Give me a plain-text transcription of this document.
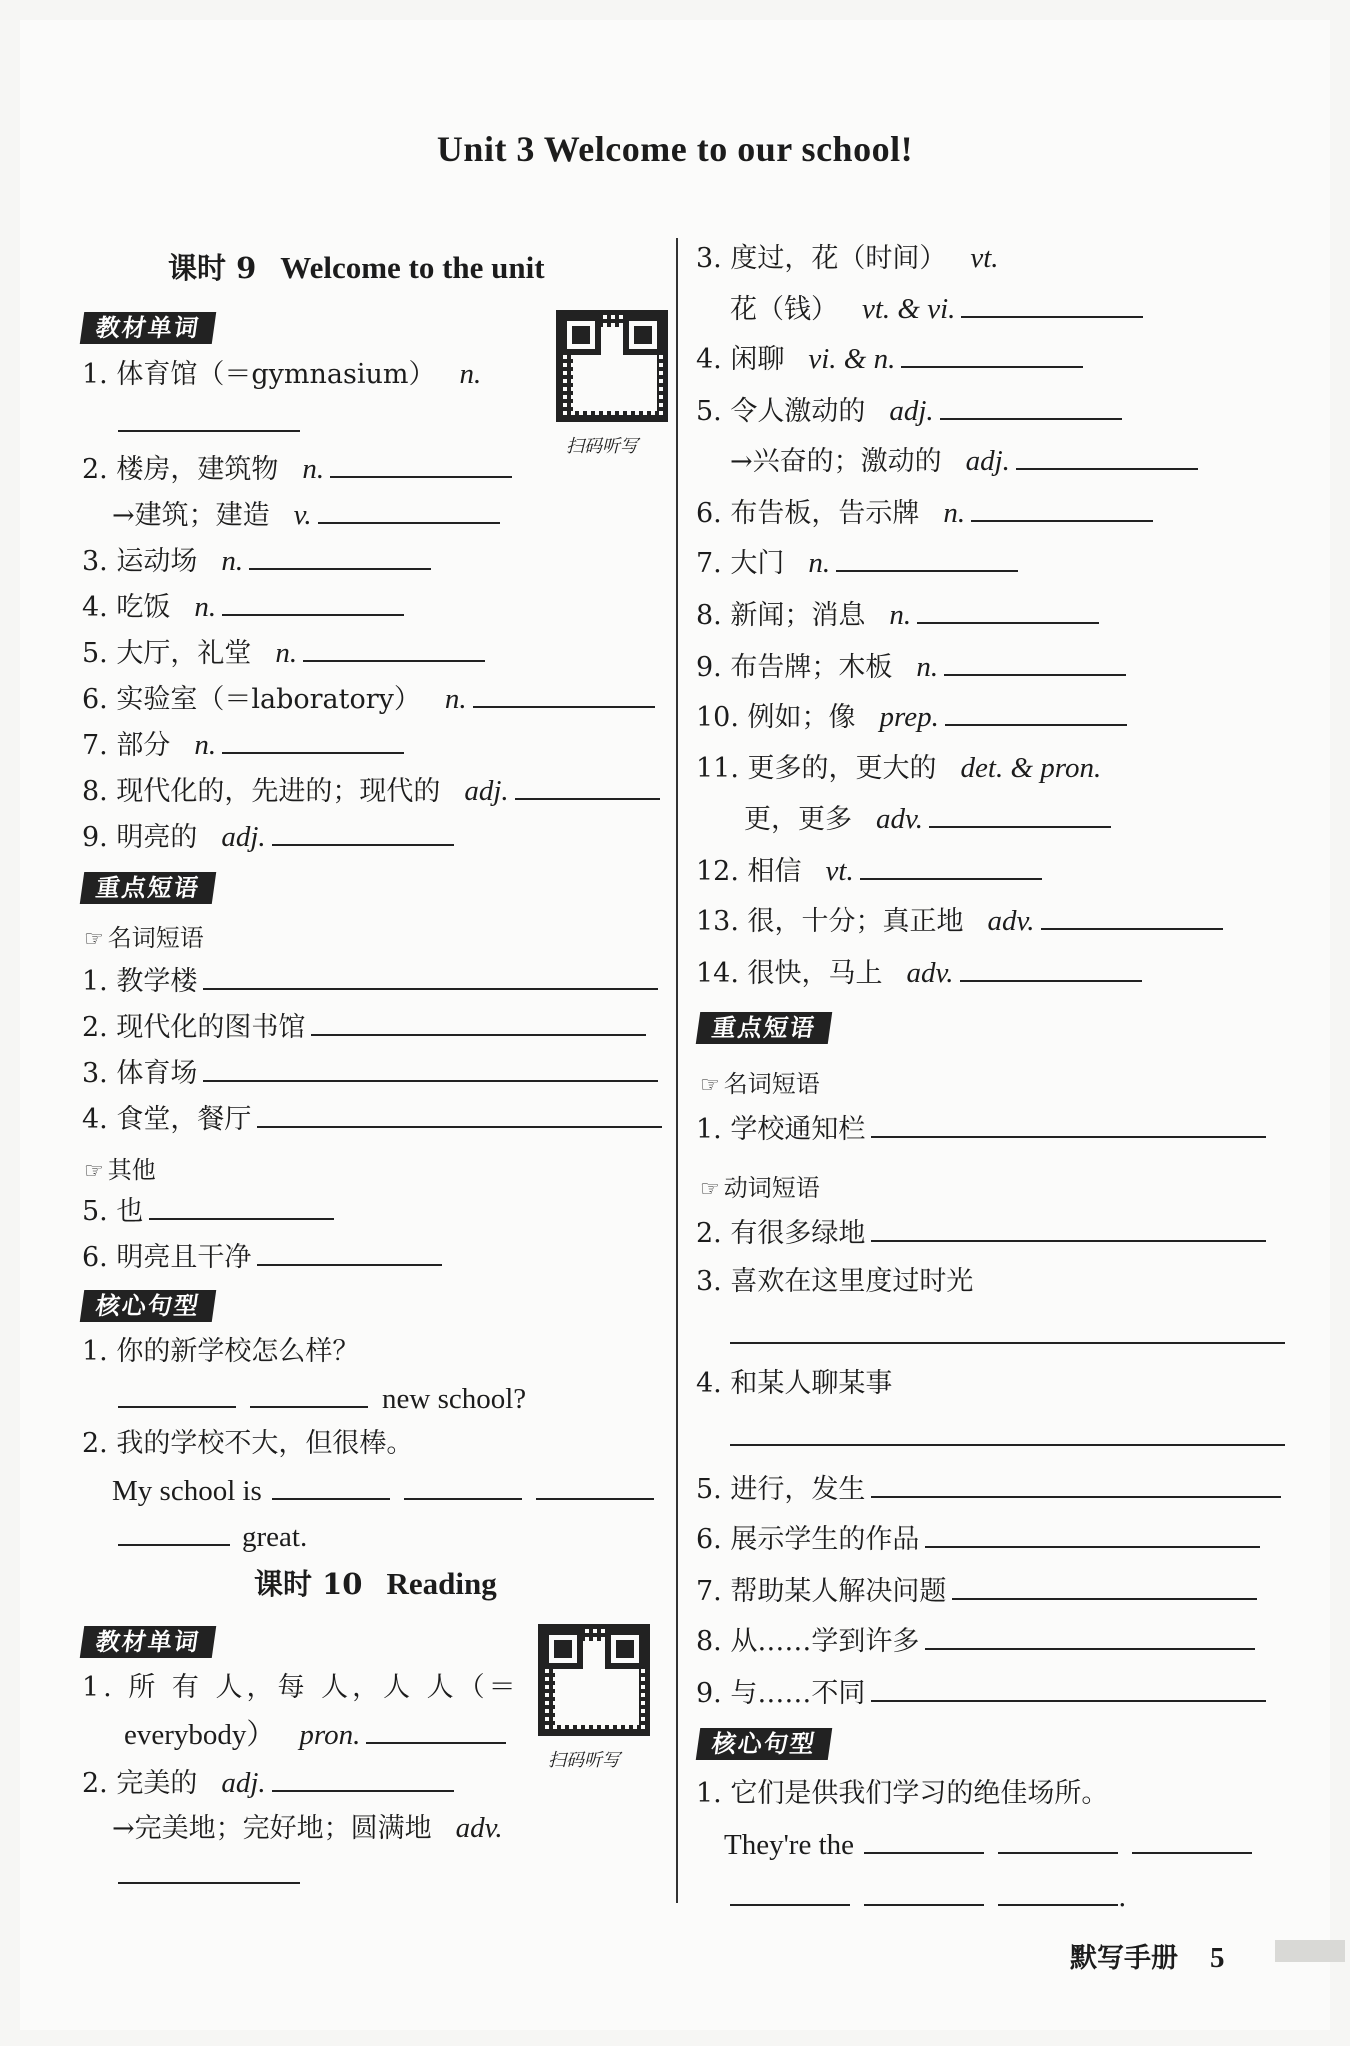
Unit 3 Welcome to our school!
课时 9 Welcome to the unit
扫码听写
教材单词
1. 体育馆（＝gymnasium） n.
2. 楼房，建筑物 n.
→建筑；建造 v.
3. 运动场 n.
4. 吃饭 n.
5. 大厅，礼堂 n.
6. 实验室（＝laboratory） n.
7. 部分 n.
8. 现代化的，先进的；现代的 adj.
9. 明亮的 adj.
重点短语
☞ 名词短语
1. 教学楼
2. 现代化的图书馆
3. 体育场
4. 食堂，餐厅
☞ 其他
5. 也
6. 明亮且干净
核心句型
1. 你的新学校怎么样？
new school?
2. 我的学校不大，但很棒。
My school is
great.
课时 10 Reading
扫码听写
教材单词
1. 所 有 人，每 人，人 人（＝
everybody） pron.
2. 完美的 adj.
→完美地；完好地；圆满地 adv.
3. 度过，花（时间） vt.
花（钱） vt. & vi.
4. 闲聊 vi. & n.
5. 令人激动的 adj.
→兴奋的；激动的 adj.
6. 布告板，告示牌 n.
7. 大门 n.
8. 新闻；消息 n.
9. 布告牌；木板 n.
10. 例如；像 prep.
11. 更多的，更大的 det. & pron.
更，更多 adv.
12. 相信 vt.
13. 很，十分；真正地 adv.
14. 很快，马上 adv.
重点短语
☞ 名词短语
1. 学校通知栏
☞ 动词短语
2. 有很多绿地
3. 喜欢在这里度过时光
4. 和某人聊某事
5. 进行，发生
6. 展示学生的作品
7. 帮助某人解决问题
8. 从……学到许多
9. 与……不同
核心句型
1. 它们是供我们学习的绝佳场所。
They're the
.
默写手册 5
